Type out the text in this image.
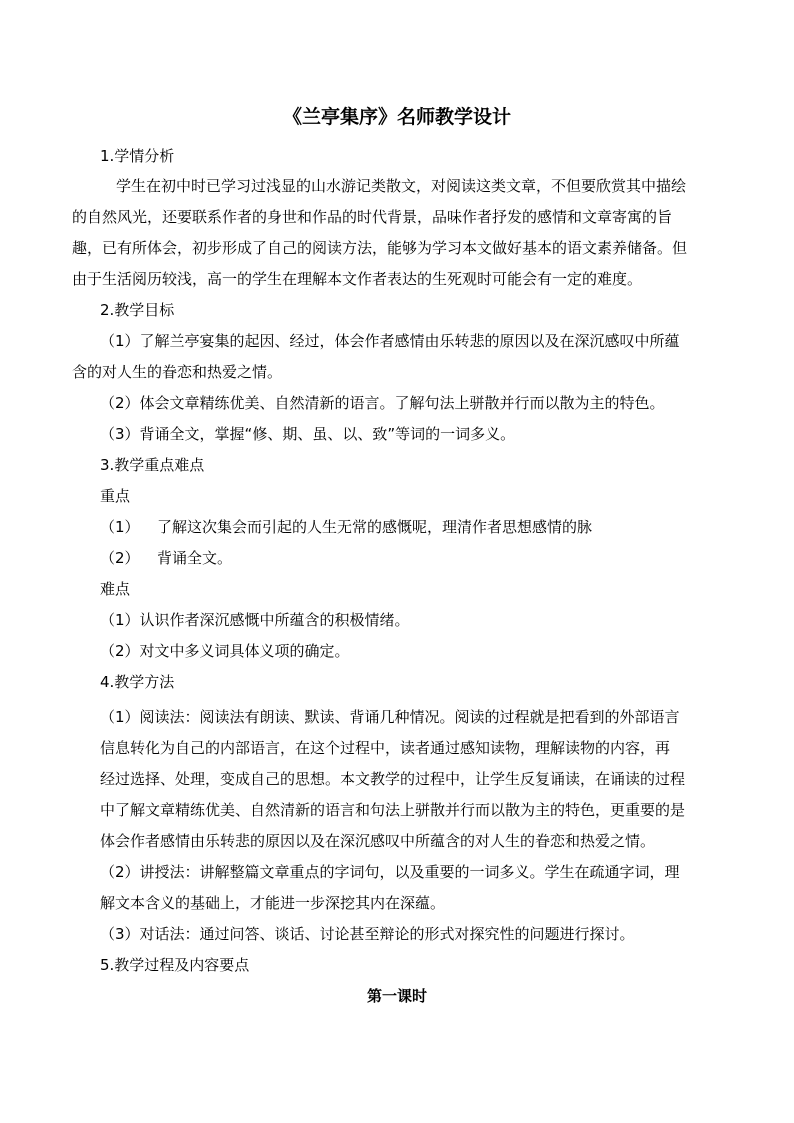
《兰亭集序》名师教学设计
1.学情分析
学生在初中时已学习过浅显的山水游记类散文，对阅读这类文章，不但要欣赏其中描绘
的自然风光，还要联系作者的身世和作品的时代背景，品味作者抒发的感情和文章寄寓的旨
趣，已有所体会，初步形成了自己的阅读方法，能够为学习本文做好基本的语文素养储备。但
由于生活阅历较浅，高一的学生在理解本文作者表达的生死观时可能会有一定的难度。
2.教学目标
（1）了解兰亭宴集的起因、经过，体会作者感情由乐转悲的原因以及在深沉感叹中所蕴
含的对人生的眷恋和热爱之情。
（2）体会文章精练优美、自然清新的语言。了解句法上骈散并行而以散为主的特色。
（3）背诵全文，掌握“修、期、虽、以、致”等词的一词多义。
3.教学重点难点
重点
（1） 了解这次集会而引起的人生无常的感慨呢，理清作者思想感情的脉
（2） 背诵全文。
难点
（1）认识作者深沉感慨中所蕴含的积极情绪。
（2）对文中多义词具体义项的确定。
4.教学方法
（1）阅读法：阅读法有朗读、默读、背诵几种情况。阅读的过程就是把看到的外部语言
信息转化为自己的内部语言，在这个过程中，读者通过感知读物，理解读物的内容，再
经过选择、处理，变成自己的思想。本文教学的过程中，让学生反复诵读，在诵读的过程
中了解文章精练优美、自然清新的语言和句法上骈散并行而以散为主的特色，更重要的是
体会作者感情由乐转悲的原因以及在深沉感叹中所蕴含的对人生的眷恋和热爱之情。
（2）讲授法：讲解整篇文章重点的字词句，以及重要的一词多义。学生在疏通字词，理
解文本含义的基础上，才能进一步深挖其内在深蕴。
（3）对话法：通过问答、谈话、讨论甚至辩论的形式对探究性的问题进行探讨。
5.教学过程及内容要点
第一课时
